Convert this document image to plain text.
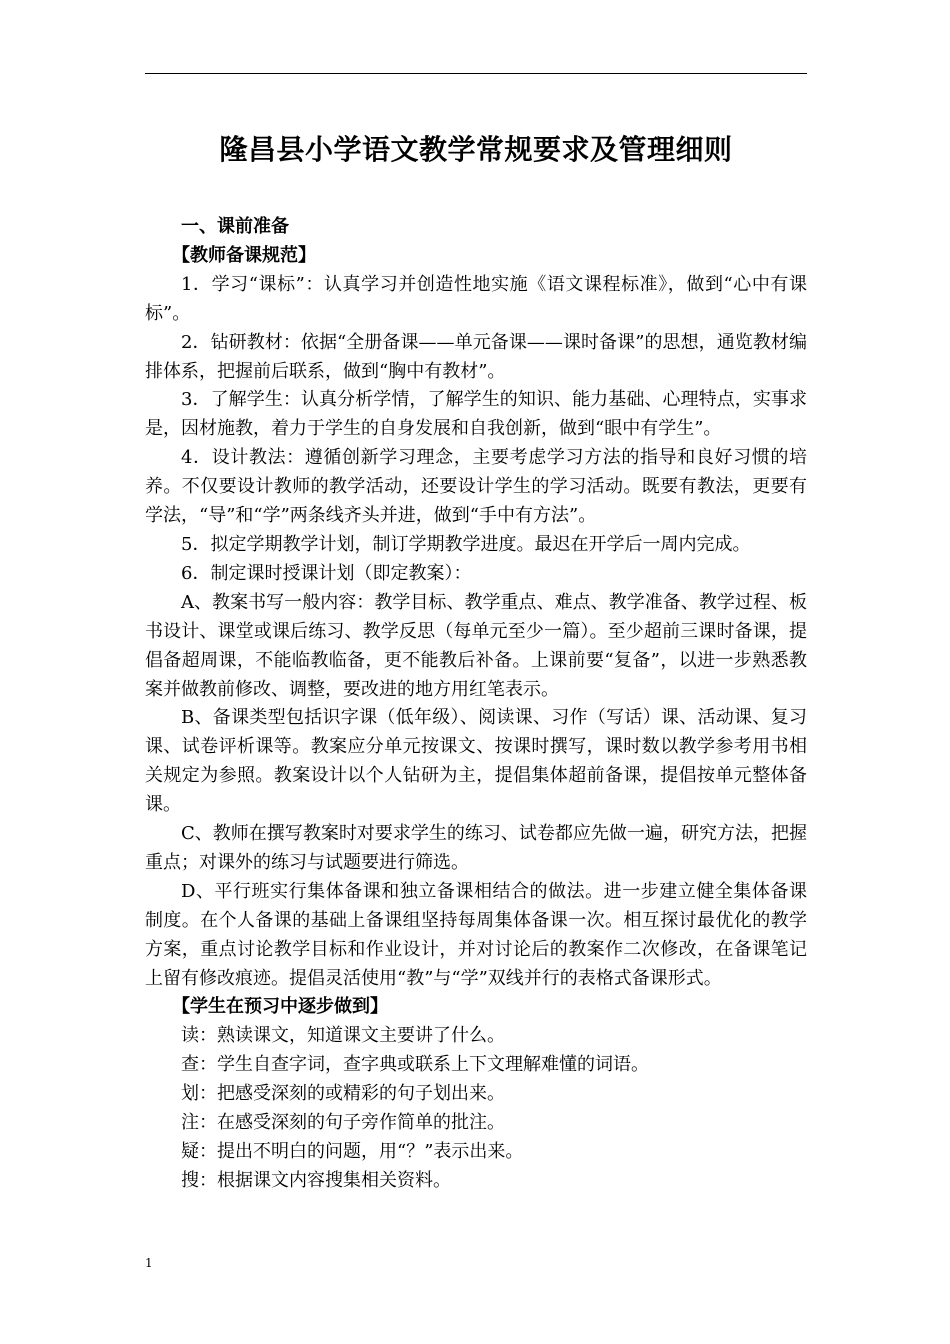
隆昌县小学语文教学常规要求及管理细则

一、课前准备

【教师备课规范】

1．学习“课标”：认真学习并创造性地实施《语文课程标准》，做到“心中有课标”。

2．钻研教材：依据“全册备课——单元备课——课时备课”的思想，通览教材编排体系，把握前后联系，做到“胸中有教材”。

3．了解学生：认真分析学情，了解学生的知识、能力基础、心理特点，实事求是，因材施教，着力于学生的自身发展和自我创新，做到“眼中有学生”。

4．设计教法：遵循创新学习理念，主要考虑学习方法的指导和良好习惯的培养。不仅要设计教师的教学活动，还要设计学生的学习活动。既要有教法，更要有学法，“导”和“学”两条线齐头并进，做到“手中有方法”。

5．拟定学期教学计划，制订学期教学进度。最迟在开学后一周内完成。

6．制定课时授课计划（即定教案）：

A、教案书写一般内容：教学目标、教学重点、难点、教学准备、教学过程、板书设计、课堂或课后练习、教学反思（每单元至少一篇）。至少超前三课时备课，提倡备超周课，不能临教临备，更不能教后补备。上课前要“复备”，以进一步熟悉教案并做教前修改、调整，要改进的地方用红笔表示。

B、备课类型包括识字课（低年级）、阅读课、习作（写话）课、活动课、复习课、试卷评析课等。教案应分单元按课文、按课时撰写，课时数以教学参考用书相关规定为参照。教案设计以个人钻研为主，提倡集体超前备课，提倡按单元整体备课。

C、教师在撰写教案时对要求学生的练习、试卷都应先做一遍，研究方法，把握重点；对课外的练习与试题要进行筛选。

D、平行班实行集体备课和独立备课相结合的做法。进一步建立健全集体备课制度。在个人备课的基础上备课组坚持每周集体备课一次。相互探讨最优化的教学方案，重点讨论教学目标和作业设计，并对讨论后的教案作二次修改，在备课笔记上留有修改痕迹。提倡灵活使用“教”与“学”双线并行的表格式备课形式。

【学生在预习中逐步做到】

读：熟读课文，知道课文主要讲了什么。

查：学生自查字词，查字典或联系上下文理解难懂的词语。

划：把感受深刻的或精彩的句子划出来。

注：在感受深刻的句子旁作简单的批注。

疑：提出不明白的问题，用“？”表示出来。

搜：根据课文内容搜集相关资料。

1
